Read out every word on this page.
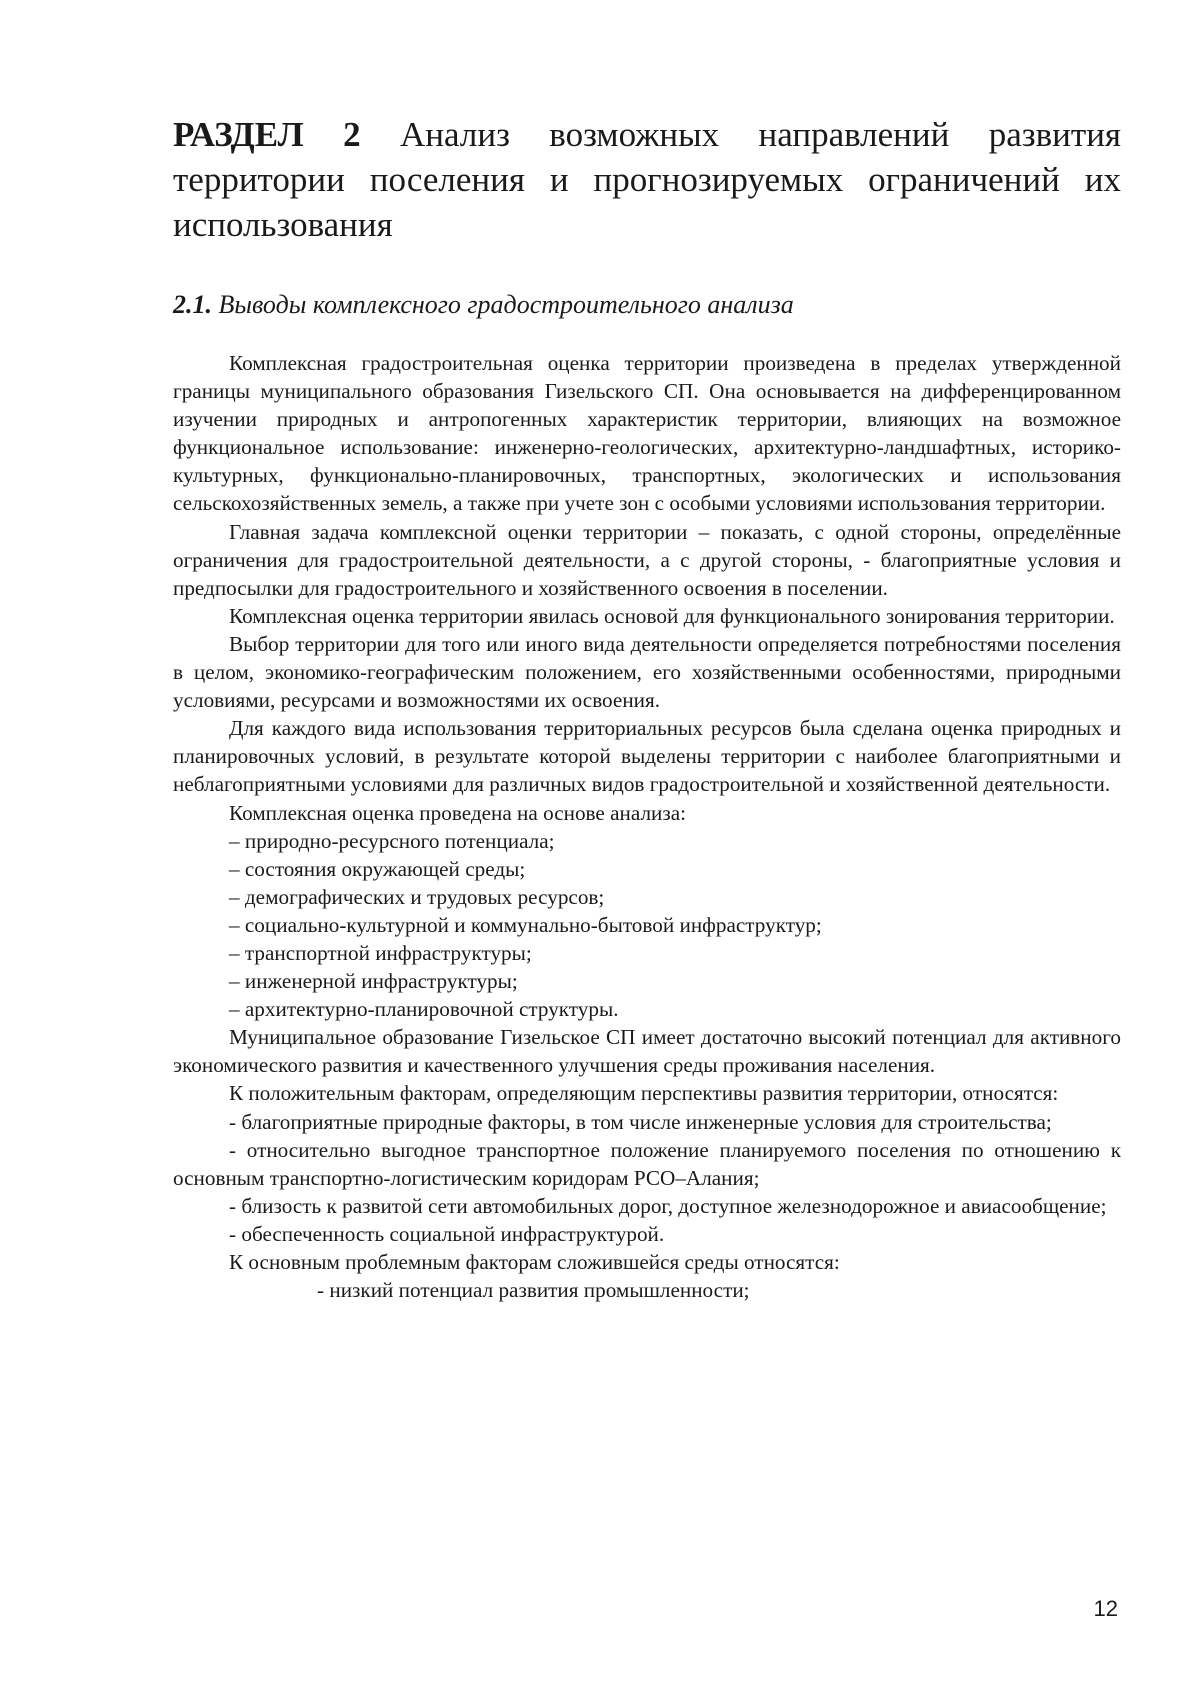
РАЗДЕЛ 2 Анализ возможных направлений развития территории поселения и прогнозируемых ограничений их использования
2.1. Выводы комплексного градостроительного анализа

Комплексная градостроительная оценка территории произведена в пределах утвержденной границы муниципального образования Гизельского СП. Она основывается на дифференцированном изучении природных и антропогенных характеристик территории, влияющих на возможное функциональное использование: инженерно-геологических, архитектурно-ландшафтных, историко-культурных, функционально-планировочных, транспортных, экологических и использования сельскохозяйственных земель, а также при учете зон с особыми условиями использования территории.

Главная задача комплексной оценки территории – показать, с одной стороны, определённые ограничения для градостроительной деятельности, а с другой стороны, - благоприятные условия и предпосылки для градостроительного и хозяйственного освоения в поселении.

Комплексная оценка территории явилась основой для функционального зонирования территории.

Выбор территории для того или иного вида деятельности определяется потребностями поселения в целом, экономико-географическим положением, его хозяйственными особенностями, природными условиями, ресурсами и возможностями их освоения.

Для каждого вида использования территориальных ресурсов была сделана оценка природных и планировочных условий, в результате которой выделены территории с наиболее благоприятными и неблагоприятными условиями для различных видов градостроительной и хозяйственной деятельности.

Комплексная оценка проведена на основе анализа:

– природно-ресурсного потенциала;

– состояния окружающей среды;

– демографических и трудовых ресурсов;

– социально-культурной и коммунально-бытовой инфраструктур;

– транспортной инфраструктуры;

– инженерной инфраструктуры;

– архитектурно-планировочной структуры.

Муниципальное образование Гизельское СП имеет достаточно высокий потенциал для активного экономического развития и качественного улучшения среды проживания населения.

К положительным факторам, определяющим перспективы развития территории, относятся:

- благоприятные природные факторы, в том числе инженерные условия для строительства;

- относительно выгодное транспортное положение планируемого поселения по отношению к основным транспортно-логистическим коридорам РСО–Алания;

- близость к развитой сети автомобильных дорог, доступное железнодорожное и авиасообщение;

- обеспеченность социальной инфраструктурой.

К основным проблемным факторам сложившейся среды относятся:

- низкий потенциал развития промышленности;

12
